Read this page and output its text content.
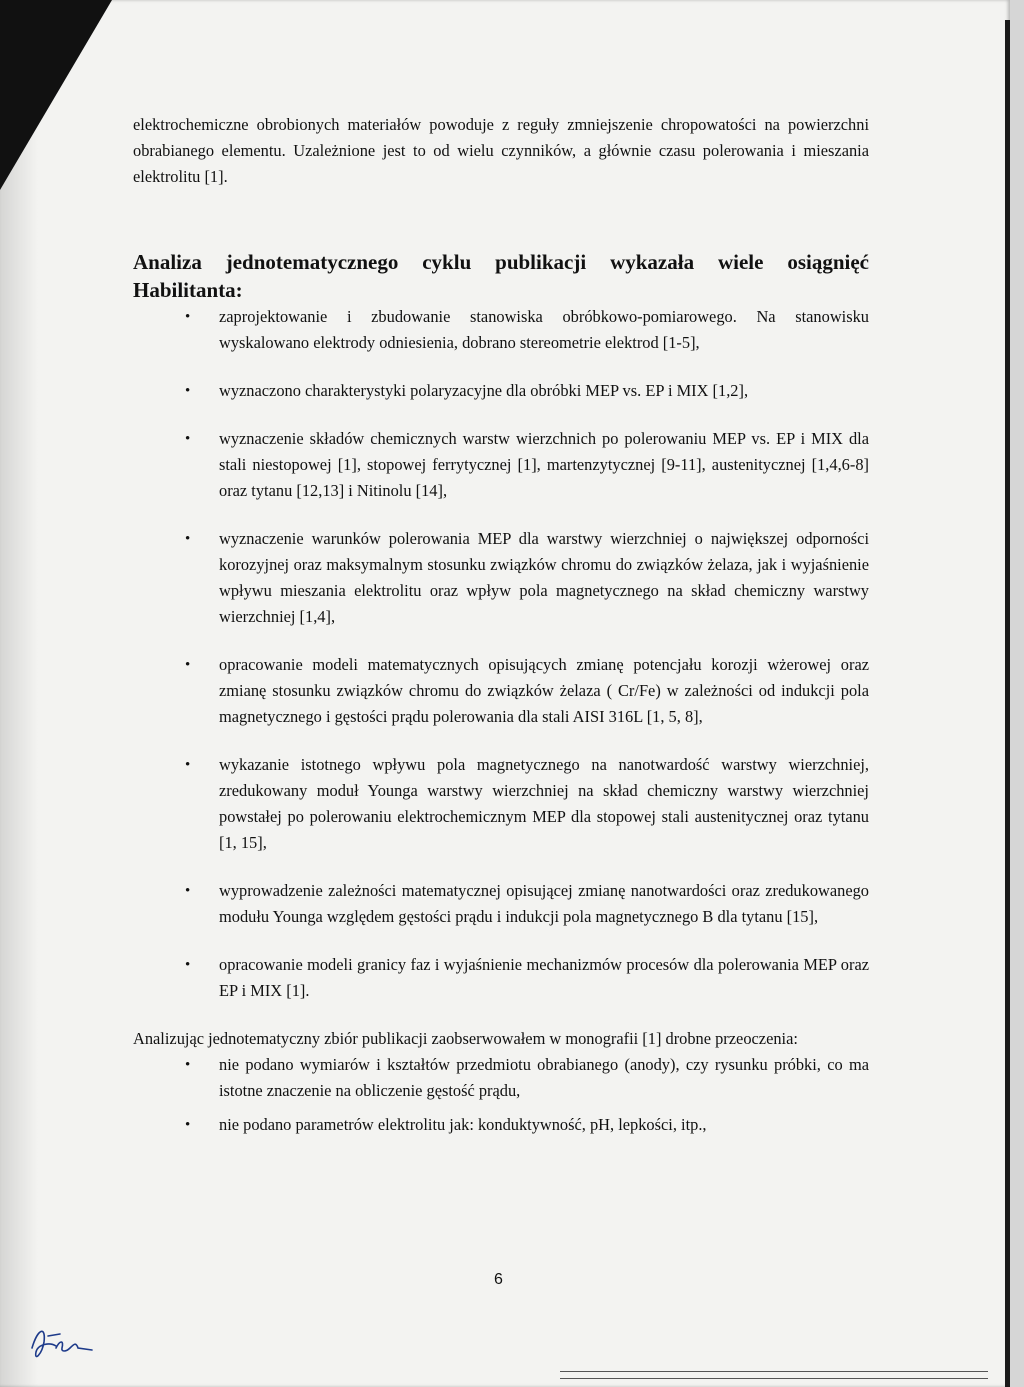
elektrochemiczne obrobionych materiałów powoduje z reguły zmniejszenie chropowatości na powierzchni obrabianego elementu. Uzależnione jest to od wielu czynników, a głównie czasu polerowania i mieszania elektrolitu [1].

Analiza jednotematycznego cyklu publikacji wykazała wiele osiągnięć Habilitanta:
• zaprojektowanie i zbudowanie stanowiska obróbkowo-pomiarowego. Na stanowisku wyskalowano elektrody odniesienia, dobrano stereometrie elektrod [1-5],
• wyznaczono charakterystyki polaryzacyjne dla obróbki MEP vs. EP i MIX [1,2],
• wyznaczenie składów chemicznych warstw wierzchnich po polerowaniu MEP vs. EP i MIX dla stali niestopowej [1], stopowej ferrytycznej [1], martenzytycznej [9-11], austenitycznej [1,4,6-8] oraz tytanu [12,13] i Nitinolu [14],
• wyznaczenie warunków polerowania MEP dla warstwy wierzchniej o największej odporności korozyjnej oraz maksymalnym stosunku związków chromu do związków żelaza, jak i wyjaśnienie wpływu mieszania elektrolitu oraz wpływ pola magnetycznego na skład chemiczny warstwy wierzchniej [1,4],
• opracowanie modeli matematycznych opisujących zmianę potencjału korozji wżerowej oraz zmianę stosunku związków chromu do związków żelaza ( Cr/Fe) w zależności od indukcji pola magnetycznego i gęstości prądu polerowania dla stali AISI 316L [1, 5, 8],
• wykazanie istotnego wpływu pola magnetycznego na nanotwardość warstwy wierzchniej, zredukowany moduł Younga warstwy wierzchniej na skład chemiczny warstwy wierzchniej powstałej po polerowaniu elektrochemicznym MEP dla stopowej stali austenitycznej oraz tytanu [1, 15],
• wyprowadzenie zależności matematycznej opisującej zmianę nanotwardości oraz zredukowanego modułu Younga względem gęstości prądu i indukcji pola magnetycznego B dla tytanu [15],
• opracowanie modeli granicy faz i wyjaśnienie mechanizmów procesów dla polerowania MEP oraz EP i MIX [1].

Analizując jednotematyczny zbiór publikacji zaobserwowałem w monografii [1] drobne przeoczenia:

• nie podano wymiarów i kształtów przedmiotu obrabianego (anody), czy rysunku próbki, co ma istotne znaczenie na obliczenie gęstość prądu,
• nie podano parametrów elektrolitu jak: konduktywność, pH, lepkości, itp.,
6
